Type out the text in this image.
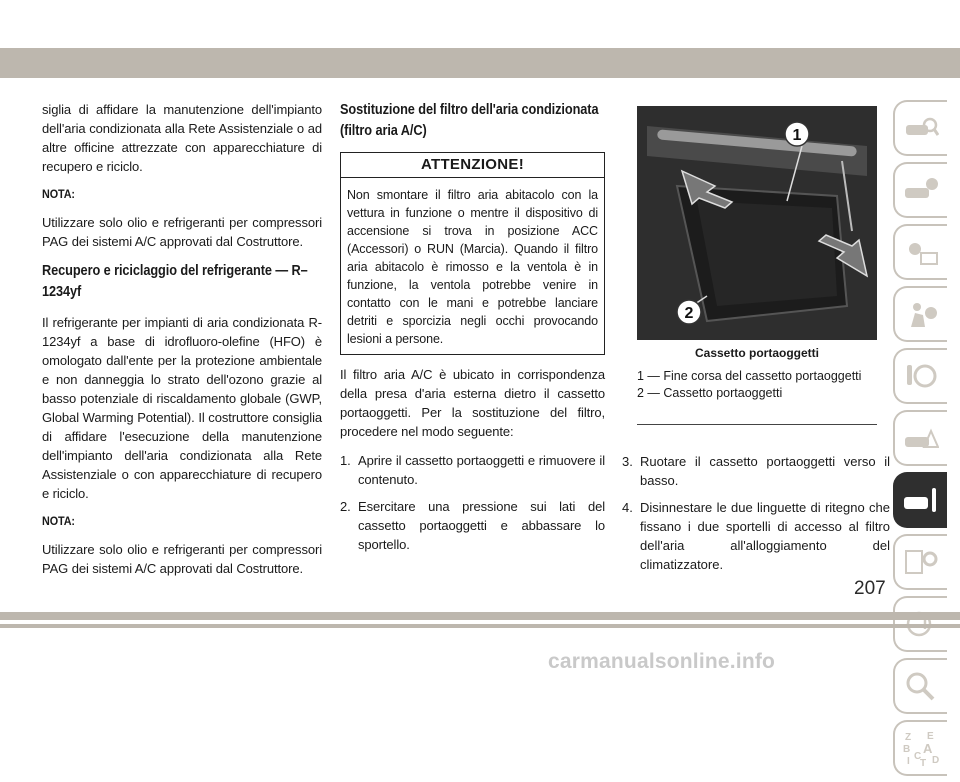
siglia di affidare la manutenzione dell'impianto dell'aria condizionata alla Rete Assistenziale o ad altre officine attrezzate con apparecchiature di recupero e riciclo.

NOTA:

Utilizzare solo olio e refrigeranti per compressori PAG dei sistemi A/C approvati dal Costruttore.

Recupero e riciclaggio del refrigerante — R–1234yf

Il refrigerante per impianti di aria condizionata R-1234yf a base di idrofluoro-olefine (HFO) è omologato dall'ente per la protezione ambientale e non danneggia lo strato dell'ozono grazie al basso potenziale di riscaldamento globale (GWP, Global Warming Potential). Il costruttore consiglia di affidare l'esecuzione della manutenzione dell'impianto dell'aria condizionata alla Rete Assistenziale o con apparecchiature di recupero e riciclo.

NOTA:

Utilizzare solo olio e refrigeranti per compressori PAG dei sistemi A/C approvati dal Costruttore.

Sostituzione del filtro dell'aria condizionata (filtro aria A/C)
ATTENZIONE!
Non smontare il filtro aria abitacolo con la vettura in funzione o mentre il dispositivo di accensione si trova in posizione ACC (Accessori) o RUN (Marcia). Quando il filtro aria abitacolo è rimosso e la ventola è in funzione, la ventola potrebbe venire in contatto con le mani e potrebbe lanciare detriti e sporcizia negli occhi provocando lesioni a persone.

Il filtro aria A/C è ubicato in corrispondenza della presa d'aria esterna dietro il cassetto portaoggetti. Per la sostituzione del filtro, procedere nel modo seguente:

1. Aprire il cassetto portaoggetti e rimuovere il contenuto.
2. Esercitare una pressione sui lati del cassetto portaoggetti e abbassare lo sportello.
1
2
Cassetto portaoggetti
1 — Fine corsa del cassetto portaoggetti
2 — Cassetto portaoggetti
3. Ruotare il cassetto portaoggetti verso il basso.
4. Disinnestare le due linguette di ritegno che fissano i due sportelli di accesso al filtro dell'aria all'alloggiamento del climatizzatore.
Z E
B A
I C D
T
207
carmanualsonline.info
